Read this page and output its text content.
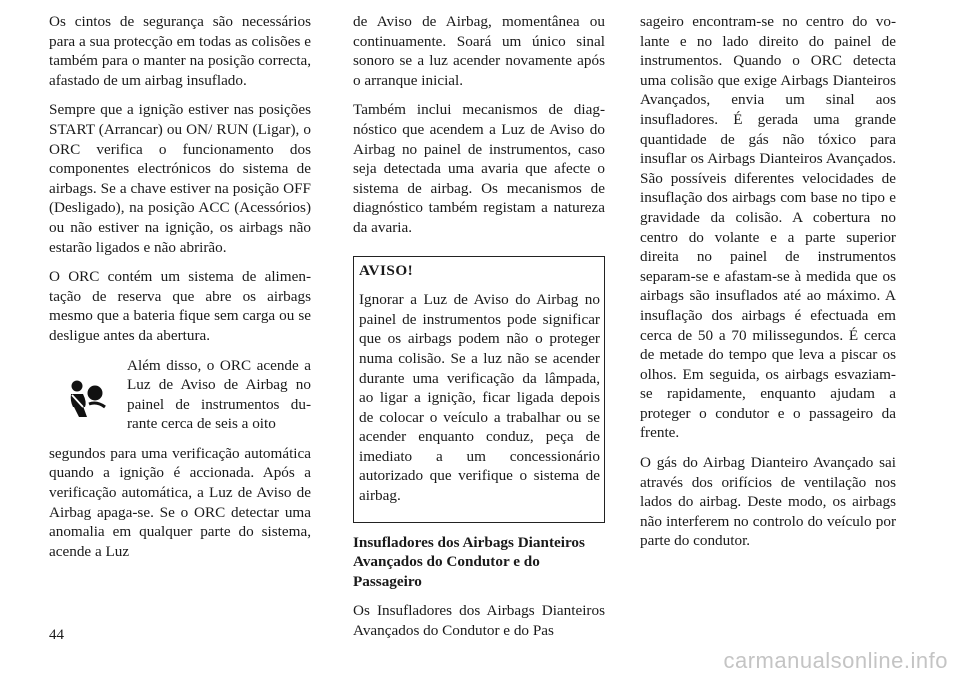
Os cintos de segurança são necessários para a sua protecção em todas as colisões e também para o manter na posição correcta, afastado de um airbag insuflado.

Sempre que a ignição estiver nas posições START (Arrancar) ou ON/ RUN (Ligar), o ORC verifica o funcionamento dos componentes electrónicos do sistema de airbags. Se a chave estiver na posição OFF (Desligado), na posição ACC (Acessórios) ou não estiver na ignição, os airbags não estarão ligados e não abrirão.

O ORC contém um sistema de alimentação de reserva que abre os airbags mesmo que a bateria fique sem carga ou se desligue antes da abertura.

Além disso, o ORC acende a Luz de Aviso de Airbag no painel de instrumentos durante cerca de seis a oito

segundos para uma verificação automática quando a ignição é accionada. Após a verificação automática, a Luz de Aviso de Airbag apaga-se. Se o ORC detectar uma anomalia em qualquer parte do sistema, acende a Luz

de Aviso de Airbag, momentânea ou continuamente. Soará um único sinal sonoro se a luz acender novamente após o arranque inicial.

Também inclui mecanismos de diagnóstico que acendem a Luz de Aviso do Airbag no painel de instrumentos, caso seja detectada uma avaria que afecte o sistema de airbag. Os mecanismos de diagnóstico também registam a natureza da avaria.

AVISO!

Ignorar a Luz de Aviso do Airbag no painel de instrumentos pode significar que os airbags podem não o proteger numa colisão. Se a luz não se acender durante uma verificação da lâmpada, ao ligar a ignição, ficar ligada depois de colocar o veículo a trabalhar ou se acender enquanto conduz, peça de imediato a um concessionário autorizado que verifique o sistema de airbag.

Insufladores dos Airbags Dianteiros Avançados do Condutor e do Passageiro

Os Insufladores dos Airbags Dianteiros Avançados do Condutor e do Pas

sageiro encontram-se no centro do volante e no lado direito do painel de instrumentos. Quando o ORC detecta uma colisão que exige Airbags Dianteiros Avançados, envia um sinal aos insufladores. É gerada uma grande quantidade de gás não tóxico para insuflar os Airbags Dianteiros Avançados. São possíveis diferentes velocidades de insuflação dos airbags com base no tipo e gravidade da colisão. A cobertura no centro do volante e a parte superior direita no painel de instrumentos separam-se e afastam-se à medida que os airbags são insuflados até ao máximo. A insuflação dos airbags é efectuada em cerca de 50 a 70 milissegundos. É cerca de metade do tempo que leva a piscar os olhos. Em seguida, os airbags esvaziam-se rapidamente, enquanto ajudam a proteger o condutor e o passageiro da frente.

O gás do Airbag Dianteiro Avançado sai através dos orifícios de ventilação nos lados do airbag. Deste modo, os airbags não interferem no controlo do veículo por parte do condutor.

44
carmanualsonline.info
